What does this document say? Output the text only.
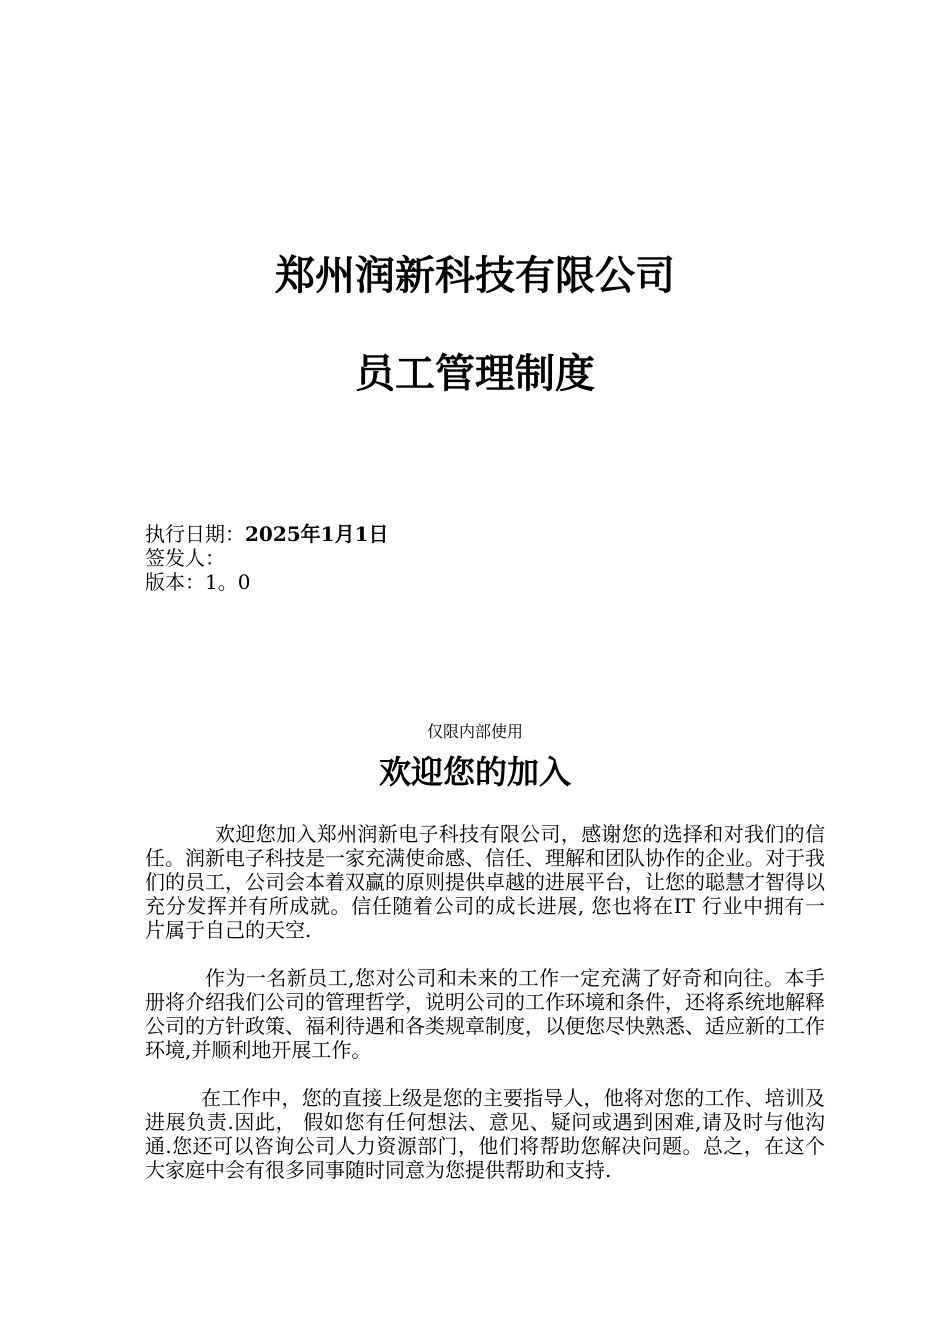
郑州润新科技有限公司
员工管理制度
执行日期：2025年1月1日
签发人：
版本：1。0
仅限内部使用
欢迎您的加入

欢迎您加入郑州润新电子科技有限公司，感谢您的选择和对我们的信任。润新电子科技是一家充满使命感、信任、理解和团队协作的企业。对于我们的员工，公司会本着双赢的原则提供卓越的进展平台，让您的聪慧才智得以充分发挥并有所成就。信任随着公司的成长进展, 您也将在IT 行业中拥有一片属于自己的天空.

作为一名新员工,您对公司和未来的工作一定充满了好奇和向往。本手册将介绍我们公司的管理哲学，说明公司的工作环境和条件，还将系统地解释公司的方针政策、福利待遇和各类规章制度，以便您尽快熟悉、适应新的工作环境,并顺利地开展工作。

在工作中，您的直接上级是您的主要指导人，他将对您的工作、培训及进展负责.因此， 假如您有任何想法、意见、疑问或遇到困难,请及时与他沟通.您还可以咨询公司人力资源部门，他们将帮助您解决问题。总之，在这个大家庭中会有很多同事随时同意为您提供帮助和支持.
